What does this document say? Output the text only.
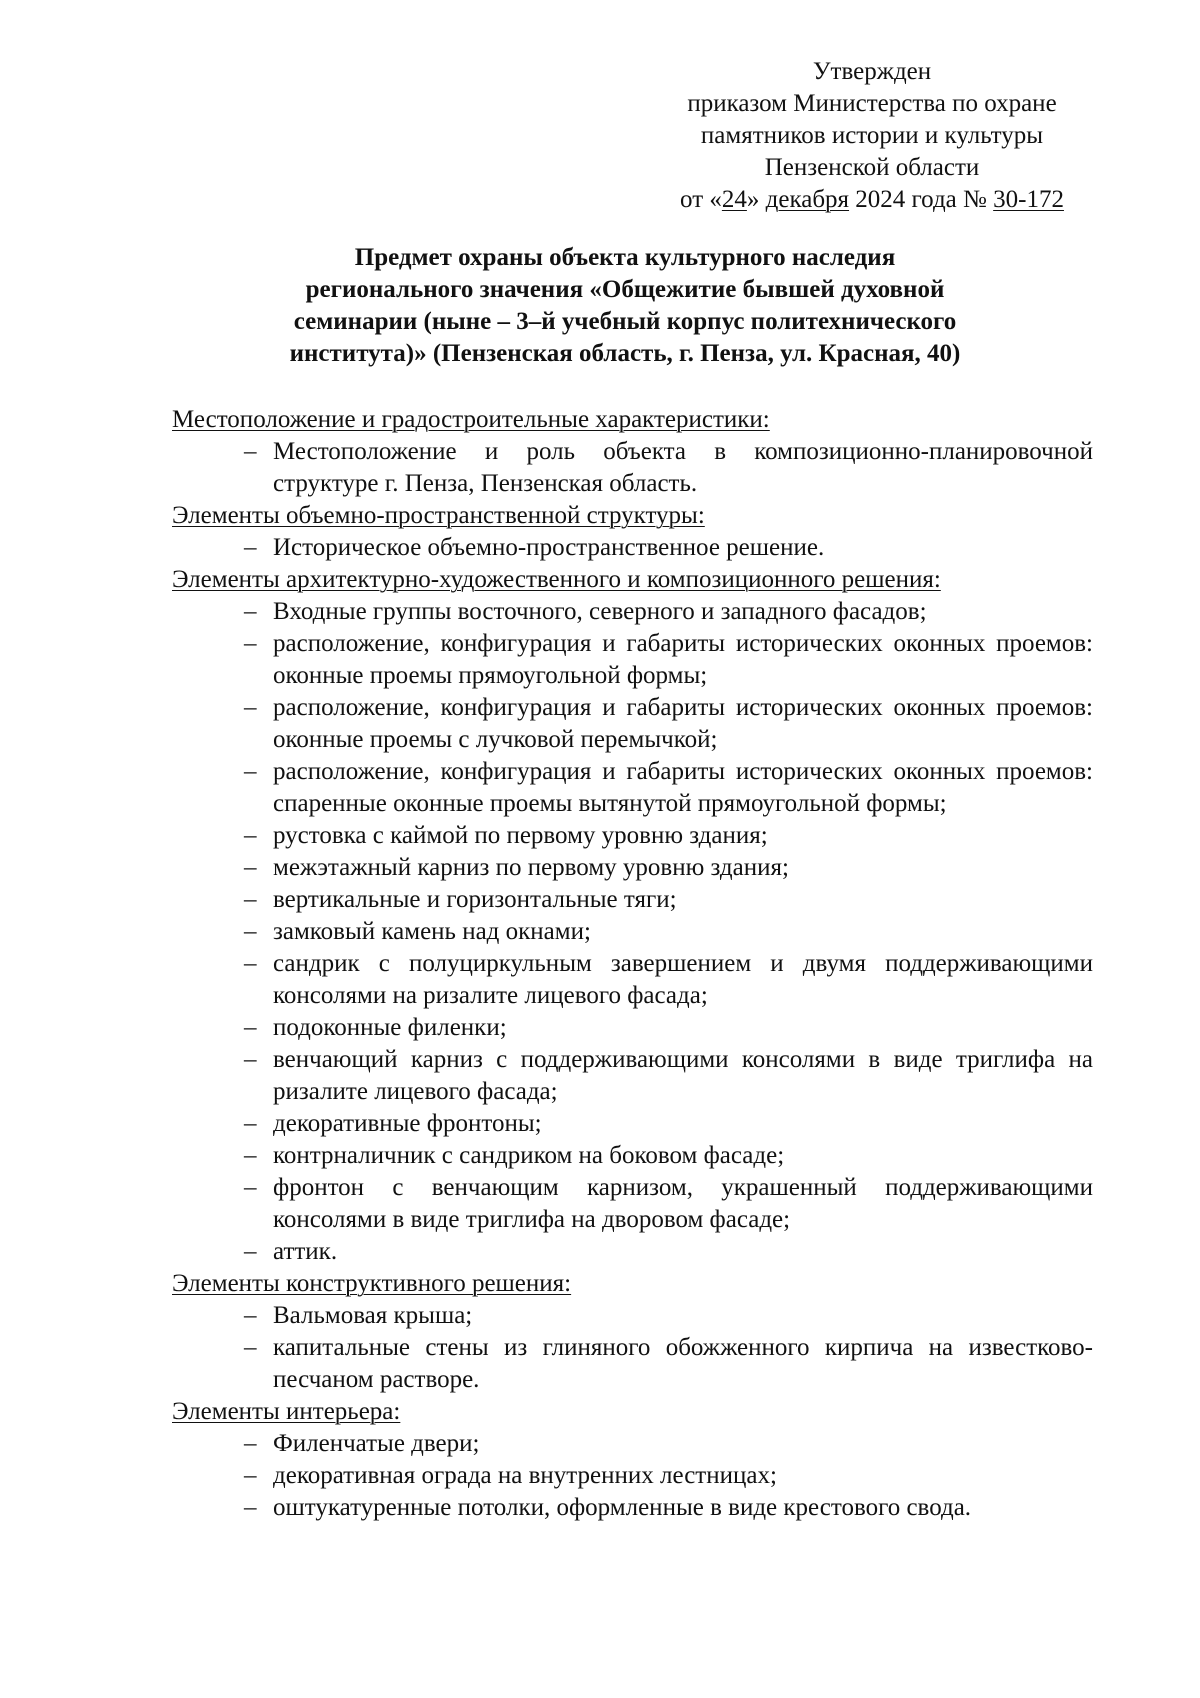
Утвержден
приказом Министерства по охране
памятников истории и культуры
Пензенской области
от «24» декабря 2024 года № 30-172
Предмет охраны объекта культурного наследия
регионального значения «Общежитие бывшей духовной
семинарии (ныне – 3–й учебный корпус политехнического
института)» (Пензенская область, г. Пенза, ул. Красная, 40)
Местоположение и градостроительные характеристики:
– Местоположение и роль объекта в композиционно-планировочной структуре г. Пенза, Пензенская область.
Элементы объемно-пространственной структуры:
– Историческое объемно-пространственное решение.
Элементы архитектурно-художественного и композиционного решения:
– Входные группы восточного, северного и западного фасадов;
– расположение, конфигурация и габариты исторических оконных проемов: оконные проемы прямоугольной формы;
– расположение, конфигурация и габариты исторических оконных проемов: оконные проемы с лучковой перемычкой;
– расположение, конфигурация и габариты исторических оконных проемов: спаренные оконные проемы вытянутой прямоугольной формы;
– рустовка с каймой по первому уровню здания;
– межэтажный карниз по первому уровню здания;
– вертикальные и горизонтальные тяги;
– замковый камень над окнами;
– сандрик с полуциркульным завершением и двумя поддерживающими консолями на ризалите лицевого фасада;
– подоконные филенки;
– венчающий карниз с поддерживающими консолями в виде триглифа на ризалите лицевого фасада;
– декоративные фронтоны;
– контрналичник с сандриком на боковом фасаде;
– фронтон с венчающим карнизом, украшенный поддерживающими консолями в виде триглифа на дворовом фасаде;
– аттик.
Элементы конструктивного решения:
– Вальмовая крыша;
– капитальные стены из глиняного обожженного кирпича на известково-песчаном растворе.
Элементы интерьера:
– Филенчатые двери;
– декоративная ограда на внутренних лестницах;
– оштукатуренные потолки, оформленные в виде крестового свода.
